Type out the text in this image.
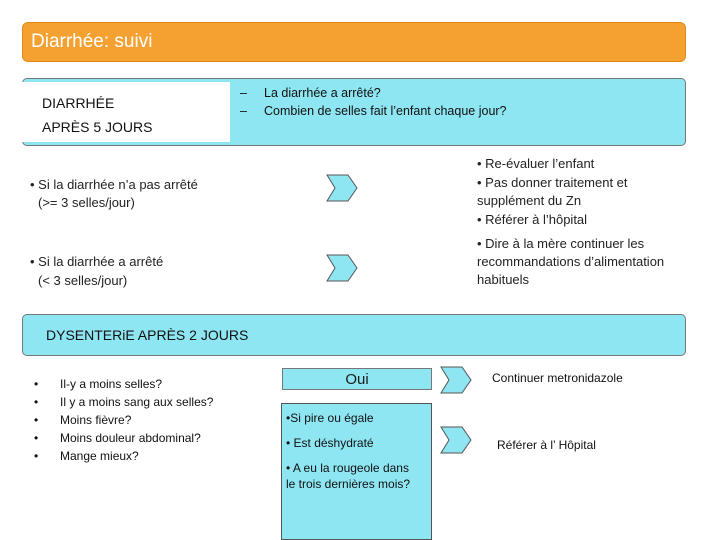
Diarrhée: suivi
DIARRHÉE
APRÈS 5 JOURS
– La diarrhée a arrêté?
– Combien de selles fait l’enfant chaque jour?
• Si la diarrhée n’a pas arrêté
(>= 3 selles/jour)
• Re-évaluer l’enfant
• Pas donner traitement et
supplément du Zn
• Référer à l’hôpital
• Si la diarrhée a arrêté
(< 3 selles/jour)
• Dire à la mère continuer les
recommandations d’alimentation
habituels
DYSENTERiE APRÈS 2 JOURS
• Il-y a moins selles?
• Il y a moins sang aux selles?
• Moins fièvre?
• Moins douleur abdominal?
• Mange mieux?
Oui	Continuer metronidazole
•Si pire ou égale
• Est déshydraté
• A eu la rougeole dans
le trois dernières mois?
Référer à l’ Hôpital
